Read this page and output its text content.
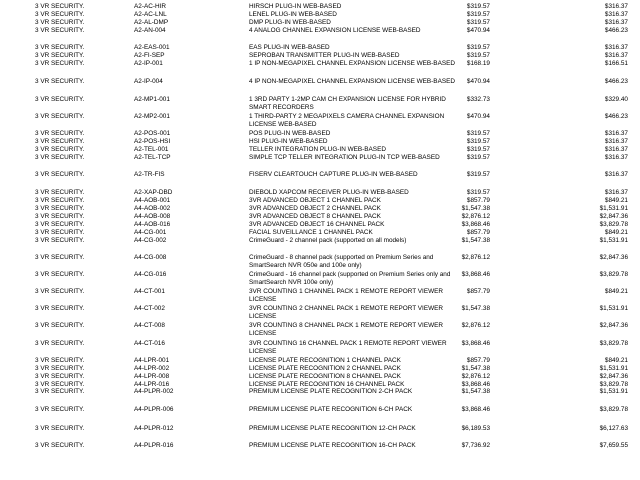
3 VR SECURITY.	A2-AC-HIR	HIRSCH PLUG-IN WEB-BASED	$319.57	$316.37
3 VR SECURITY.	A2-AC-LNL	LENEL PLUG-IN WEB-BASED	$319.57	$316.37
3 VR SECURITY.	A2-AL-DMP	DMP PLUG-IN WEB-BASED	$319.57	$316.37
3 VR SECURITY.	A2-AN-004	4 ANALOG CHANNEL EXPANSION LICENSE WEB-BASED	$470.94	$466.23
3 VR SECURITY.	A2-EAS-001	EAS PLUG-IN WEB-BASED	$319.57	$316.37
3 VR SECURITY.	A2-FI-SEP	SEPROBAN TRANSMITTER PLUG-IN WEB-BASED	$319.57	$316.37
3 VR SECURITY.	A2-IP-001	1 IP NON-MEGAPIXEL CHANNEL EXPANSION LICENSE WEB-BASED	$168.19	$166.51
3 VR SECURITY.	A2-IP-004	4 IP NON-MEGAPIXEL CHANNEL EXPANSION LICENSE WEB-BASED	$470.94	$466.23
3 VR SECURITY.	A2-MP1-001	1 3RD PARTY 1-2MP CAM CH EXPANSION LICENSE FOR HYBRID SMART RECORDERS
$332.73	$329.40
3 VR SECURITY.	A2-MP2-001	1 THIRD-PARTY 2 MEGAPIXELS CAMERA CHANNEL EXPANSION LICENSE WEB-BASED
$470.94	$466.23
3 VR SECURITY.	A2-POS-001	POS PLUG-IN WEB-BASED	$319.57	$316.37
3 VR SECURITY.	A2-POS-HSI	HSI PLUG-IN WEB-BASED	$319.57	$316.37
3 VR SECURITY.	A2-TEL-001	TELLER INTEGRATION PLUG-IN WEB-BASED	$319.57	$316.37
3 VR SECURITY.	A2-TEL-TCP	SIMPLE TCP TELLER INTEGRATION PLUG-IN TCP WEB-BASED	$319.57	$316.37
3 VR SECURITY.	A2-TR-FIS	FISERV CLEARTOUCH CAPTURE PLUG-IN WEB-BASED	$319.57	$316.37
3 VR SECURITY.	A2-XAP-DBD	DIEBOLD XAPCOM RECEIVER PLUG-IN WEB-BASED	$319.57	$316.37
3 VR SECURITY.	A4-AOB-001	3VR ADVANCED OBJECT 1 CHANNEL PACK	$857.79	$849.21
3 VR SECURITY.	A4-AOB-002	3VR ADVANCED OBJECT 2 CHANNEL PACK	$1,547.38	$1,531.91
3 VR SECURITY.	A4-AOB-008	3VR ADVANCED OBJECT 8 CHANNEL PACK	$2,876.12	$2,847.36
3 VR SECURITY.	A4-AOB-016	3VR ADVANCED OBJECT 16 CHANNEL PACK	$3,868.46	$3,829.78
3 VR SECURITY.	A4-CG-001	FACIAL SUVEILLANCE 1 CHANNEL PACK	$857.79	$849.21
3 VR SECURITY.	A4-CG-002	CrimeGuard - 2 channel pack (supported on all models)	$1,547.38	$1,531.91
3 VR SECURITY.	A4-CG-008	CrimeGuard - 8 channel pack (supported on Premium Series and SmartSearch NVR 050e and 100e only)
$2,876.12	$2,847.36
3 VR SECURITY.	A4-CG-016	CrimeGuard - 16 channel pack (supported on Premium Series only and SmartSearch NVR 100e only)
$3,868.46	$3,829.78
3 VR SECURITY.	A4-CT-001	3VR COUNTING 1 CHANNEL PACK 1 REMOTE REPORT VIEWER LICENSE
$857.79	$849.21
3 VR SECURITY.	A4-CT-002	3VR COUNTING 2 CHANNEL PACK 1 REMOTE REPORT VIEWER LICENSE
$1,547.38	$1,531.91
3 VR SECURITY.	A4-CT-008	3VR COUNTING 8 CHANNEL PACK 1 REMOTE REPORT VIEWER LICENSE
$2,876.12	$2,847.36
3 VR SECURITY.	A4-CT-016	3VR COUNTING 16 CHANNEL PACK 1 REMOTE REPORT VIEWER LICENSE
$3,868.46	$3,829.78
3 VR SECURITY.	A4-LPR-001	LICENSE PLATE RECOGNITION 1 CHANNEL PACK	$857.79	$849.21
3 VR SECURITY.	A4-LPR-002	LICENSE PLATE RECOGNITION 2 CHANNEL PACK	$1,547.38	$1,531.91
3 VR SECURITY.	A4-LPR-008	LICENSE PLATE RECOGNITION 8 CHANNEL PACK	$2,876.12	$2,847.36
3 VR SECURITY.	A4-LPR-016	LICENSE PLATE RECOGNITION 16 CHANNEL PACK	$3,868.46	$3,829.78
3 VR SECURITY.	A4-PLPR-002	PREMIUM LICENSE PLATE RECOGNITION 2-CH PACK	$1,547.38	$1,531.91
3 VR SECURITY.	A4-PLPR-006	PREMIUM LICENSE PLATE RECOGNITION 6-CH PACK	$3,868.46	$3,829.78
3 VR SECURITY.	A4-PLPR-012	PREMIUM LICENSE PLATE RECOGNITION 12-CH PACK	$6,189.53	$6,127.63
3 VR SECURITY.	A4-PLPR-016	PREMIUM LICENSE PLATE RECOGNITION 16-CH PACK	$7,736.92	$7,659.55
